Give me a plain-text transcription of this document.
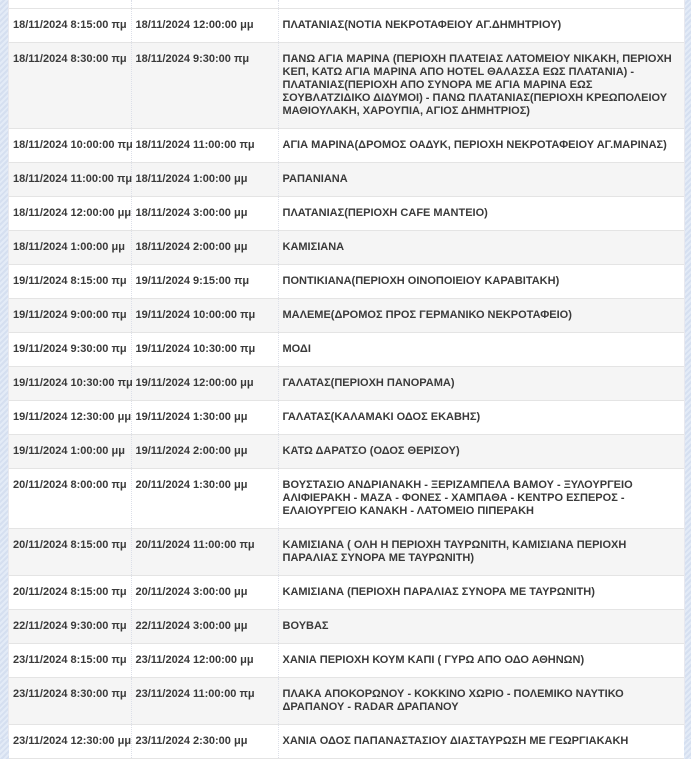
18/11/2024 8:15:00 πμ	18/11/2024 12:00:00 μμ	ΠΛΑΤΑΝΙΑΣ(ΝΟΤΙΑ ΝΕΚΡΟΤΑΦΕΙΟΥ ΑΓ.ΔΗΜΗΤΡΙΟΥ)
18/11/2024 8:30:00 πμ	18/11/2024 9:30:00 πμ	ΠΑΝΩ ΑΓΙΑ ΜΑΡΙΝΑ (ΠΕΡΙΟΧΗ ΠΛΑΤΕΙΑΣ ΛΑΤΟΜΕΙΟΥ ΝΙΚΑΚΗ, ΠΕΡΙΟΧΗ ΚΕΠ, ΚΑΤΩ ΑΓΙΑ ΜΑΡΙΝΑ ΑΠΟ HOTEL ΘΑΛΑΣΣΑ ΕΩΣ ΠΛΑΤΑΝΙΑ) - ΠΛΑΤΑΝΙΑΣ(ΠΕΡΙΟΧΗ ΑΠΟ ΣΥΝΟΡΑ ΜΕ ΑΓΙΑ ΜΑΡΙΝΑ ΕΩΣ ΣΟΥΒΛΑΤΖΙΔΙΚΟ ΔΙΔΥΜΟΙ) - ΠΑΝΩ ΠΛΑΤΑΝΙΑΣ(ΠΕΡΙΟΧΗ ΚΡΕΩΠΟΛΕΙΟΥ ΜΑΘΙΟΥΛΑΚΗ, ΧΑΡΟΥΠΙΑ, ΑΓΙΟΣ ΔΗΜΗΤΡΙΟΣ)
18/11/2024 10:00:00 πμ	18/11/2024 11:00:00 πμ	ΑΓΙΑ ΜΑΡΙΝΑ(ΔΡΟΜΟΣ ΟΑΔΥΚ, ΠΕΡΙΟΧΗ ΝΕΚΡΟΤΑΦΕΙΟΥ ΑΓ.ΜΑΡΙΝΑΣ)
18/11/2024 11:00:00 πμ	18/11/2024 1:00:00 μμ	ΡΑΠΑΝΙΑΝΑ
18/11/2024 12:00:00 μμ	18/11/2024 3:00:00 μμ	ΠΛΑΤΑΝΙΑΣ(ΠΕΡΙΟΧΗ CAFE ΜΑΝΤΕΙΟ)
18/11/2024 1:00:00 μμ	18/11/2024 2:00:00 μμ	ΚΑΜΙΣΙΑΝΑ
19/11/2024 8:15:00 πμ	19/11/2024 9:15:00 πμ	ΠΟΝΤΙΚΙΑΝΑ(ΠΕΡΙΟΧΗ ΟΙΝΟΠΟΙΕΙΟΥ ΚΑΡΑΒΙΤΑΚΗ)
19/11/2024 9:00:00 πμ	19/11/2024 10:00:00 πμ	ΜΑΛΕΜΕ(ΔΡΟΜΟΣ ΠΡΟΣ ΓΕΡΜΑΝΙΚΟ ΝΕΚΡΟΤΑΦΕΙΟ)
19/11/2024 9:30:00 πμ	19/11/2024 10:30:00 πμ	ΜΟΔΙ
19/11/2024 10:30:00 πμ	19/11/2024 12:00:00 μμ	ΓΑΛΑΤΑΣ(ΠΕΡΙΟΧΗ ΠΑΝΟΡΑΜΑ)
19/11/2024 12:30:00 μμ	19/11/2024 1:30:00 μμ	ΓΑΛΑΤΑΣ(ΚΑΛΑΜΑΚΙ ΟΔΟΣ ΕΚΑΒΗΣ)
19/11/2024 1:00:00 μμ	19/11/2024 2:00:00 μμ	ΚΑΤΩ ΔΑΡΑΤΣΟ (ΟΔΟΣ ΘΕΡΙΣΟΥ)
20/11/2024 8:00:00 πμ	20/11/2024 1:30:00 μμ	ΒΟΥΣΤΑΣΙΟ ΑΝΔΡΙΑΝΑΚΗ - ΞΕΡΙΖΑΜΠΕΛΑ ΒΑΜΟΥ - ΞΥΛΟΥΡΓΕΙΟ ΑΛΙΦΙΕΡΑΚΗ - ΜΑΖΑ - ΦΟΝΕΣ - ΧΑΜΠΑΘΑ - ΚΕΝΤΡΟ ΕΣΠΕΡΟΣ - ΕΛΑΙΟΥΡΓΕΙΟ ΚΑΝΑΚΗ - ΛΑΤΟΜΕΙΟ ΠΙΠΕΡΑΚΗ
20/11/2024 8:15:00 πμ	20/11/2024 11:00:00 πμ	ΚΑΜΙΣΙΑΝΑ ( ΟΛΗ Η ΠΕΡΙΟΧΗ ΤΑΥΡΩΝΙΤΗ, ΚΑΜΙΣΙΑΝΑ ΠΕΡΙΟΧΗ ΠΑΡΑΛΙΑΣ ΣΥΝΟΡΑ ΜΕ ΤΑΥΡΩΝΙΤΗ)
20/11/2024 8:15:00 πμ	20/11/2024 3:00:00 μμ	ΚΑΜΙΣΙΑΝΑ (ΠΕΡΙΟΧΗ ΠΑΡΑΛΙΑΣ ΣΥΝΟΡΑ ΜΕ ΤΑΥΡΩΝΙΤΗ)
22/11/2024 9:30:00 πμ	22/11/2024 3:00:00 μμ	ΒΟΥΒΑΣ
23/11/2024 8:15:00 πμ	23/11/2024 12:00:00 μμ	ΧΑΝΙΑ ΠΕΡΙΟΧΗ ΚΟΥΜ ΚΑΠΙ ( ΓΥΡΩ ΑΠΟ ΟΔΟ ΑΘΗΝΩΝ)
23/11/2024 8:30:00 πμ	23/11/2024 11:00:00 πμ	ΠΛΑΚΑ ΑΠΟΚΟΡΩΝΟΥ - ΚΟΚΚΙΝΟ ΧΩΡΙΟ - ΠΟΛΕΜΙΚΟ ΝΑΥΤΙΚΟ ΔΡΑΠΑΝΟΥ - RADAR ΔΡΑΠΑΝΟΥ
23/11/2024 12:30:00 μμ	23/11/2024 2:30:00 μμ	ΧΑΝΙΑ ΟΔΟΣ ΠΑΠΑΝΑΣΤΑΣΙΟΥ ΔΙΑΣΤΑΥΡΩΣΗ ΜΕ ΓΕΩΡΓΙΑΚΑΚΗ
